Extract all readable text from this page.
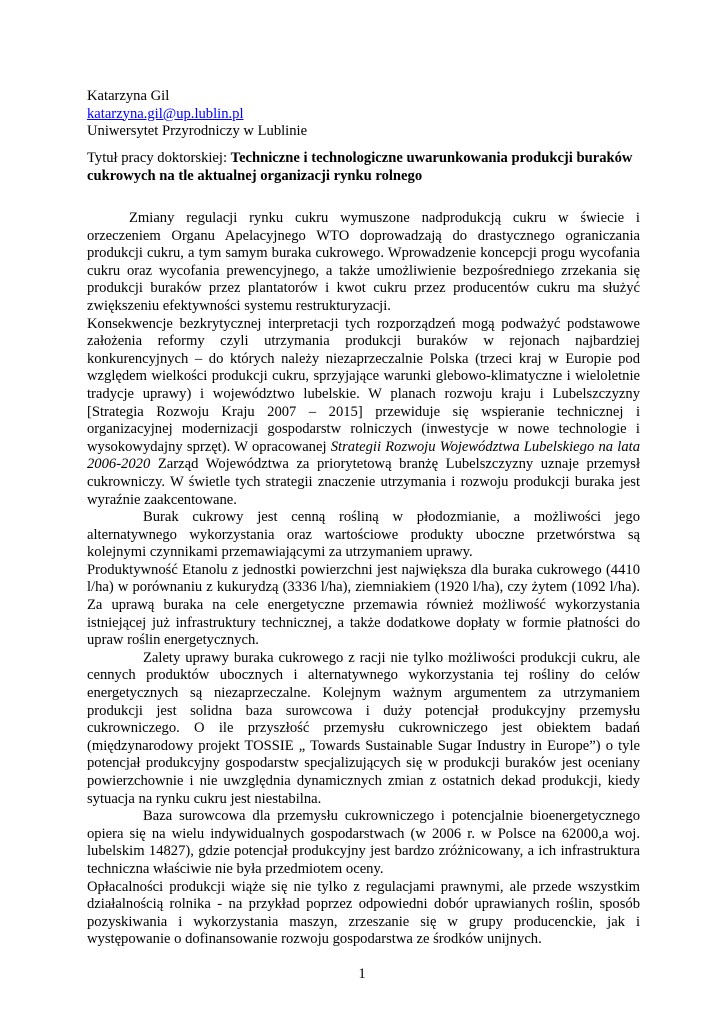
Katarzyna Gil
katarzyna.gil@up.lublin.pl
Uniwersytet Przyrodniczy w Lublinie
Tytuł pracy doktorskiej: Techniczne i technologiczne uwarunkowania produkcji buraków cukrowych na tle aktualnej organizacji rynku rolnego

Zmiany regulacji rynku cukru wymuszone nadprodukcją cukru w świecie i orzeczeniem Organu Apelacyjnego WTO doprowadzają do drastycznego ograniczania produkcji cukru, a tym samym buraka cukrowego. Wprowadzenie koncepcji progu wycofania cukru oraz wycofania prewencyjnego, a także umożliwienie bezpośredniego zrzekania się produkcji buraków przez plantatorów i kwot cukru przez producentów cukru ma służyć zwiększeniu efektywności systemu restrukturyzacji.

Konsekwencje bezkrytycznej interpretacji tych rozporządzeń mogą podważyć podstawowe założenia reformy czyli utrzymania produkcji buraków w rejonach najbardziej konkurencyjnych – do których należy niezaprzeczalnie Polska (trzeci kraj w Europie pod względem wielkości produkcji cukru, sprzyjające warunki glebowo-klimatyczne i wieloletnie tradycje uprawy) i województwo lubelskie. W planach rozwoju kraju i Lubelszczyzny [Strategia Rozwoju Kraju 2007 – 2015] przewiduje się wspieranie technicznej i organizacyjnej modernizacji gospodarstw rolniczych (inwestycje w nowe technologie i wysokowydajny sprzęt). W opracowanej Strategii Rozwoju Województwa Lubelskiego na lata 2006-2020 Zarząd Województwa za priorytetową branżę Lubelszczyzny uznaje przemysł cukrowniczy. W świetle tych strategii znaczenie utrzymania i rozwoju produkcji buraka jest wyraźnie zaakcentowane.

Burak cukrowy jest cenną rośliną w płodozmianie, a możliwości jego alternatywnego wykorzystania oraz wartościowe produkty uboczne przetwórstwa są kolejnymi czynnikami przemawiającymi za utrzymaniem uprawy.

Produktywność Etanolu z jednostki powierzchni jest największa dla buraka cukrowego (4410 l/ha) w porównaniu z kukurydzą (3336 l/ha), ziemniakiem (1920 l/ha), czy żytem (1092 l/ha). Za uprawą buraka na cele energetyczne przemawia również możliwość wykorzystania istniejącej już infrastruktury technicznej, a także dodatkowe dopłaty w formie płatności do upraw roślin energetycznych.

Zalety uprawy buraka cukrowego z racji nie tylko możliwości produkcji cukru, ale cennych produktów ubocznych i alternatywnego wykorzystania tej rośliny do celów energetycznych są niezaprzeczalne. Kolejnym ważnym argumentem za utrzymaniem produkcji jest solidna baza surowcowa i duży potencjał produkcyjny przemysłu cukrowniczego. O ile przyszłość przemysłu cukrowniczego jest obiektem badań (międzynarodowy projekt TOSSIE „ Towards Sustainable Sugar Industry in Europe”) o tyle potencjał produkcyjny gospodarstw specjalizujących się w produkcji buraków jest oceniany powierzchownie i nie uwzględnia dynamicznych zmian z ostatnich dekad produkcji, kiedy sytuacja na rynku cukru jest niestabilna.

Baza surowcowa dla przemysłu cukrowniczego i potencjalnie bioenergetycznego opiera się na wielu indywidualnych gospodarstwach (w 2006 r. w Polsce na 62000,a woj. lubelskim 14827), gdzie potencjał produkcyjny jest bardzo zróżnicowany, a ich infrastruktura techniczna właściwie nie była przedmiotem oceny.

Opłacalności produkcji wiąże się nie tylko z regulacjami prawnymi, ale przede wszystkim działalnością rolnika - na przykład poprzez odpowiedni dobór uprawianych roślin, sposób pozyskiwania i wykorzystania maszyn, zrzeszanie się w grupy producenckie, jak i występowanie o dofinansowanie rozwoju gospodarstwa ze środków unijnych.

1
